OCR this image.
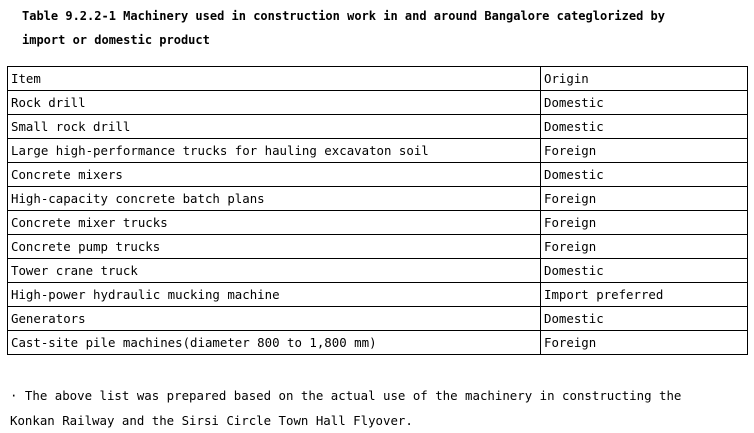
Table 9.2.2-1 Machinery used in construction work in and around Bangalore categlorized by
import or domestic product
Item	Origin
Rock drill	Domestic
Small rock drill	Domestic
Large high-performance trucks for hauling excavaton soil	Foreign
Concrete mixers	Domestic
High-capacity concrete batch plans	Foreign
Concrete mixer trucks	Foreign
Concrete pump trucks	Foreign
Tower crane truck	Domestic
High-power hydraulic mucking machine	Import preferred
Generators	Domestic
Cast-site pile machines(diameter 800 to 1,800 mm)	Foreign
· The above list was prepared based on the actual use of the machinery in constructing the
Konkan Railway and the Sirsi Circle Town Hall Flyover.
